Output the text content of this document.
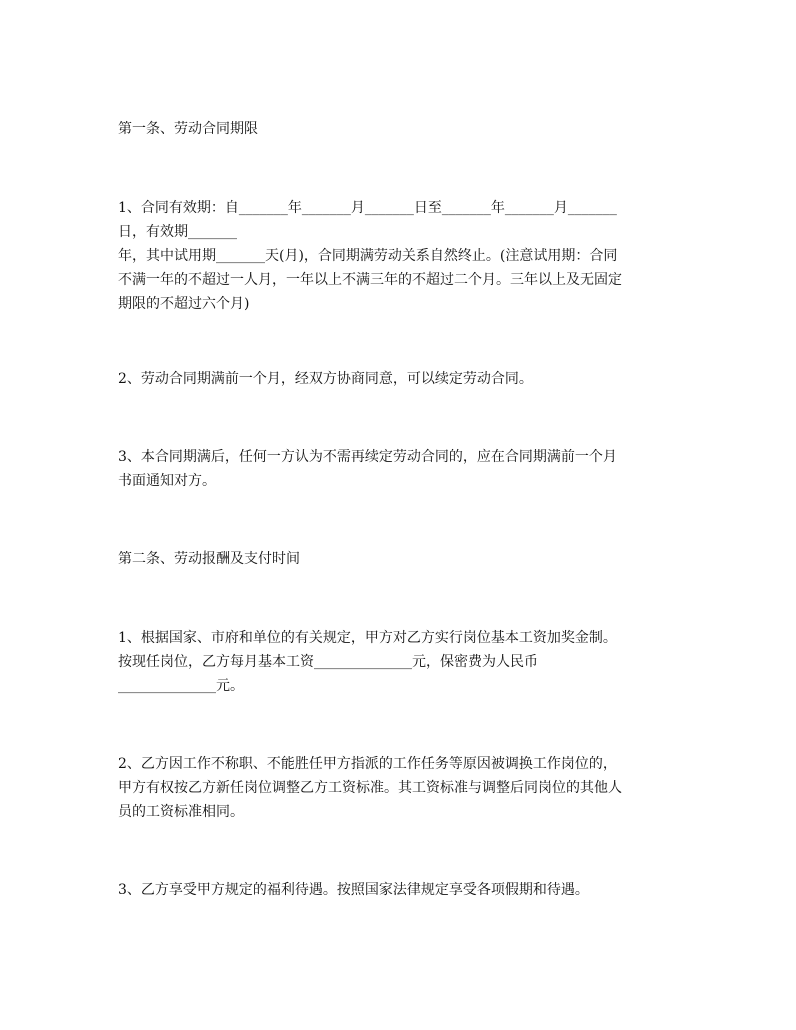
第一条、劳动合同期限

1、合同有效期：自_______年_______月_______日至_______年_______月_______
日，有效期_______
年，其中试用期_______天(月)，合同期满劳动关系自然终止。(注意试用期：合同
不满一年的不超过一人月，一年以上不满三年的不超过二个月。三年以上及无固定
期限的不超过六个月)

2、劳动合同期满前一个月，经双方协商同意，可以续定劳动合同。

3、本合同期满后，任何一方认为不需再续定劳动合同的，应在合同期满前一个月
书面通知对方。

第二条、劳动报酬及支付时间

1、根据国家、市府和单位的有关规定，甲方对乙方实行岗位基本工资加奖金制。
按现任岗位，乙方每月基本工资______________元，保密费为人民币
______________元。

2、乙方因工作不称职、不能胜任甲方指派的工作任务等原因被调换工作岗位的，
甲方有权按乙方新任岗位调整乙方工资标准。其工资标准与调整后同岗位的其他人
员的工资标准相同。

3、乙方享受甲方规定的福利待遇。按照国家法律规定享受各项假期和待遇。
